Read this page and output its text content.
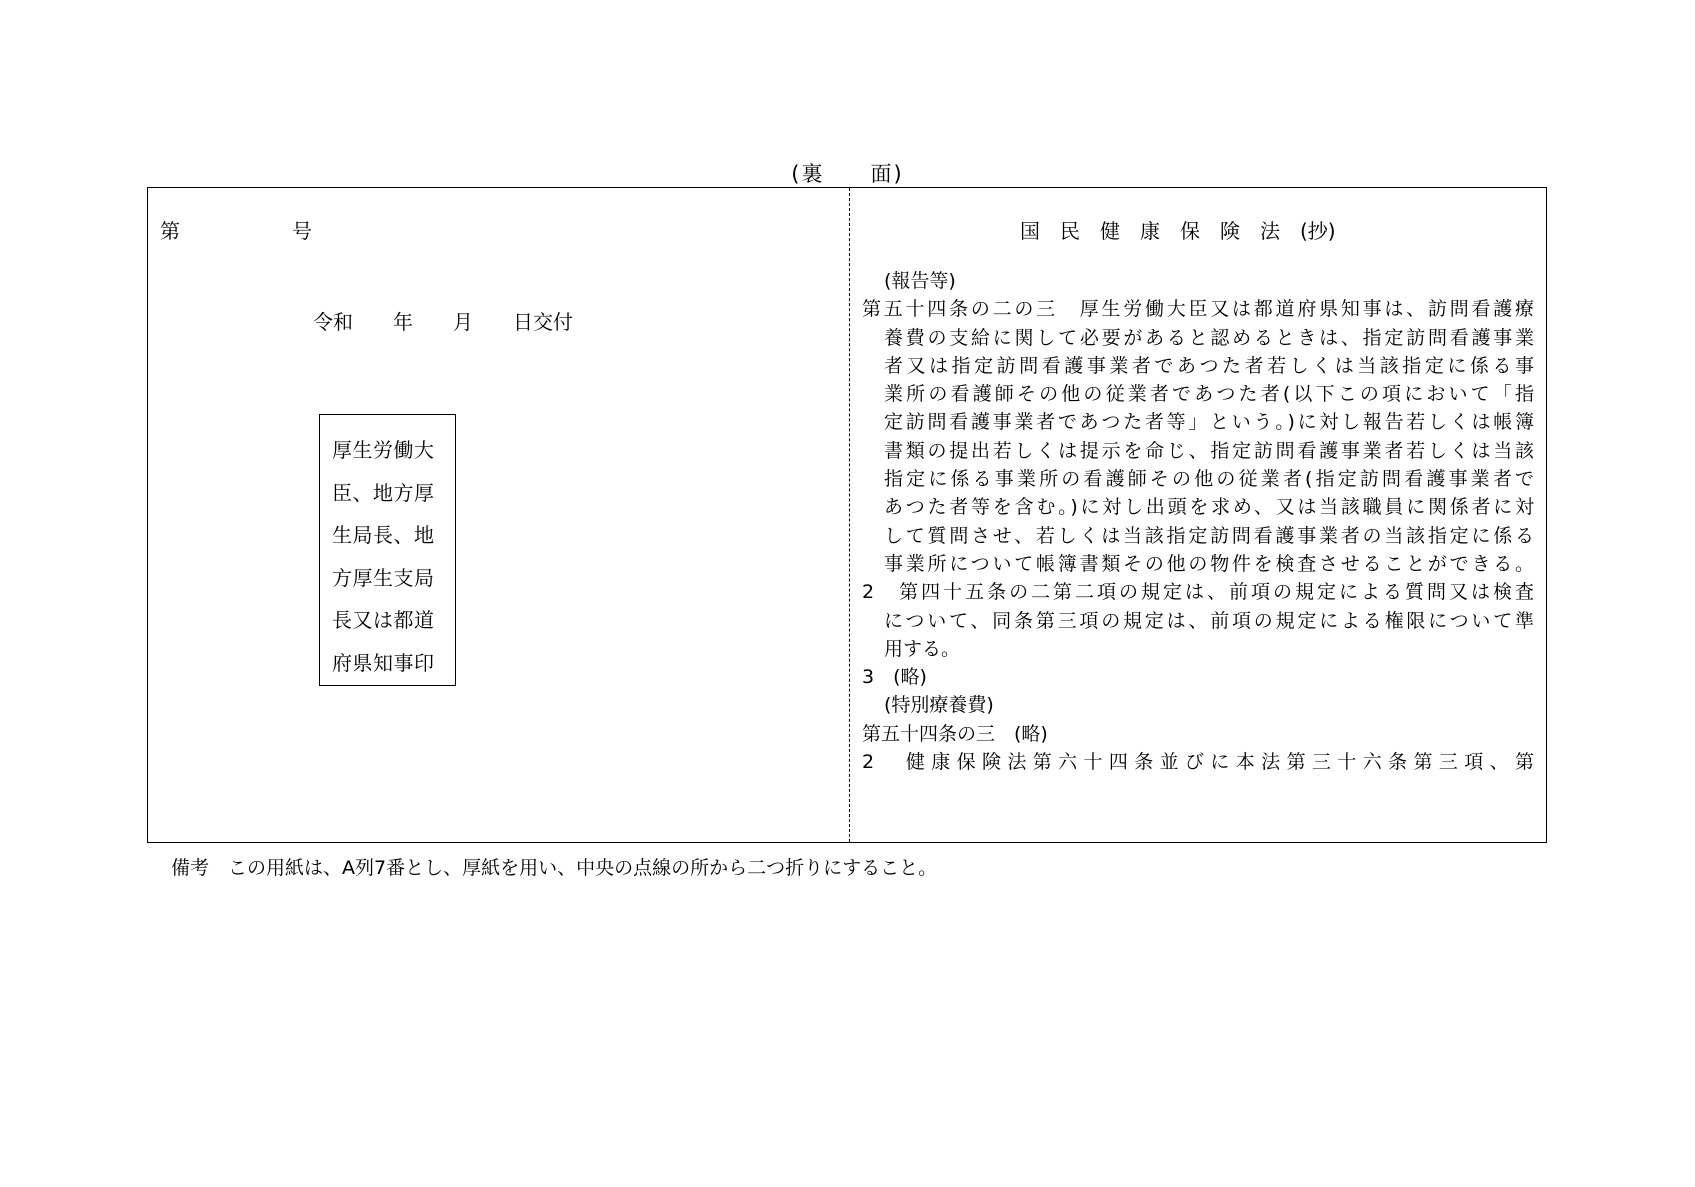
(裏　　面)
第	号
令和　　年　　月　　日交付
厚生労働大
臣、地方厚
生局長、地
方厚生支局
長又は都道
府県知事印
国　民　健　康　保　険　法　(抄)
(報告等)
第五十四条の二の三　厚生労働大臣又は都道府県知事は、訪問看護療
養費の支給に関して必要があると認めるときは、指定訪問看護事業
者又は指定訪問看護事業者であつた者若しくは当該指定に係る事
業所の看護師その他の従業者であつた者(以下この項において「指
定訪問看護事業者であつた者等」という。)に対し報告若しくは帳簿
書類の提出若しくは提示を命じ、指定訪問看護事業者若しくは当該
指定に係る事業所の看護師その他の従業者(指定訪問看護事業者で
あつた者等を含む。)に対し出頭を求め、又は当該職員に関係者に対
して質問させ、若しくは当該指定訪問看護事業者の当該指定に係る
事業所について帳簿書類その他の物件を検査させることができる。
2　第四十五条の二第二項の規定は、前項の規定による質問又は検査
について、同条第三項の規定は、前項の規定による権限について準
用する。
3　(略)
(特別療養費)
第五十四条の三　(略)
2　健康保険法第六十四条並びに本法第三十六条第三項、第
備考　この用紙は、A列7番とし、厚紙を用い、中央の点線の所から二つ折りにすること。
